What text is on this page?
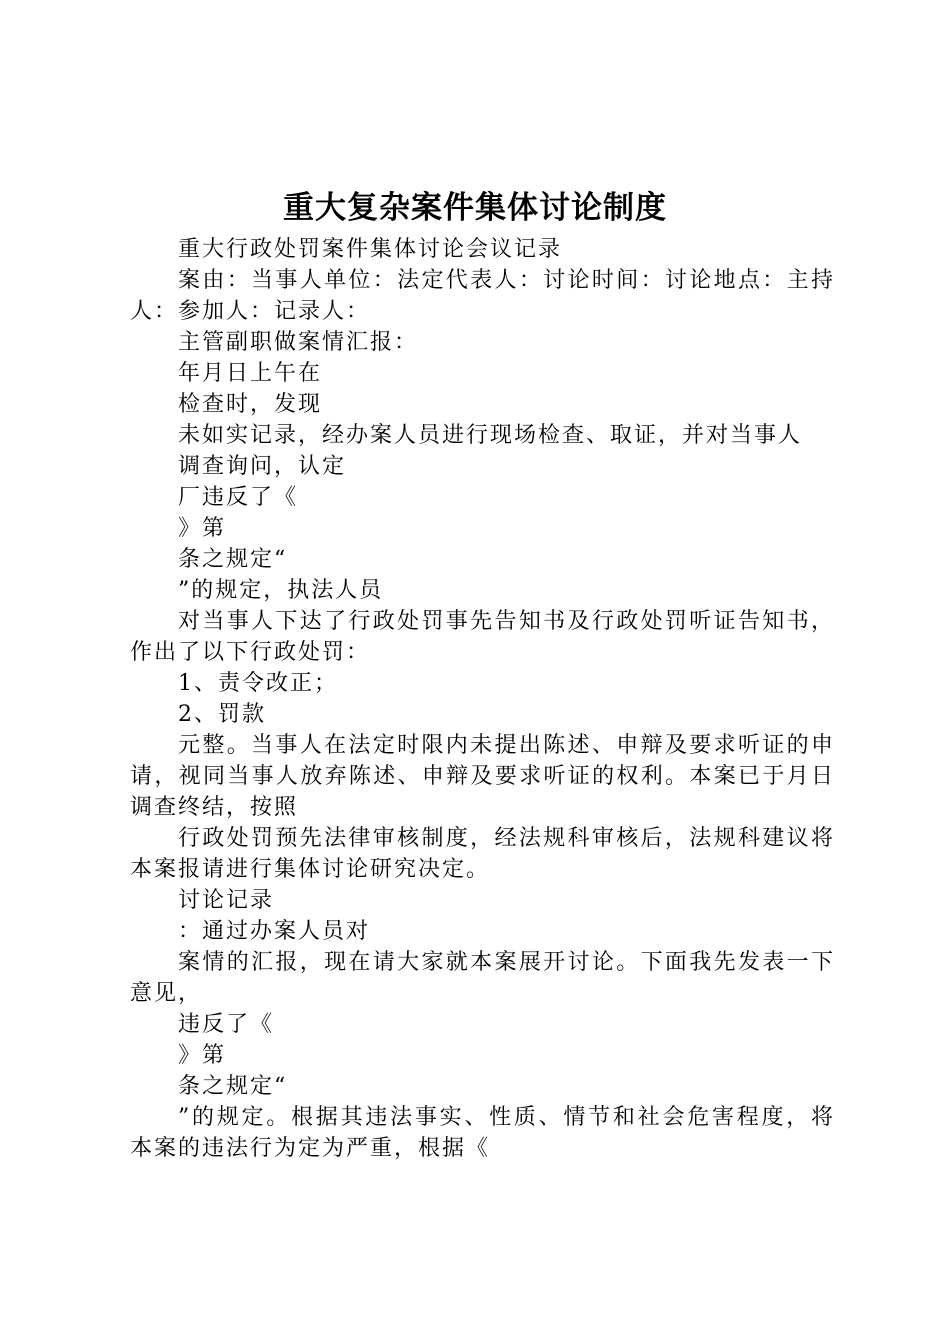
重大复杂案件集体讨论制度

重大行政处罚案件集体讨论会议记录

案由：当事人单位：法定代表人：讨论时间：讨论地点：主持人：参加人：记录人：

主管副职做案情汇报：

年月日上午在

检查时，发现

未如实记录，经办案人员进行现场检查、取证，并对当事人

调查询问，认定

厂违反了《

》第

条之规定“

”的规定，执法人员

对当事人下达了行政处罚事先告知书及行政处罚听证告知书，作出了以下行政处罚：

1、责令改正；

2、罚款

元整。当事人在法定时限内未提出陈述、申辩及要求听证的申请，视同当事人放弃陈述、申辩及要求听证的权利。本案已于月日调查终结，按照

行政处罚预先法律审核制度，经法规科审核后，法规科建议将本案报请进行集体讨论研究决定。

讨论记录

：通过办案人员对

案情的汇报，现在请大家就本案展开讨论。下面我先发表一下意见，

违反了《

》第

条之规定“

”的规定。根据其违法事实、性质、情节和社会危害程度，将本案的违法行为定为严重，根据《
